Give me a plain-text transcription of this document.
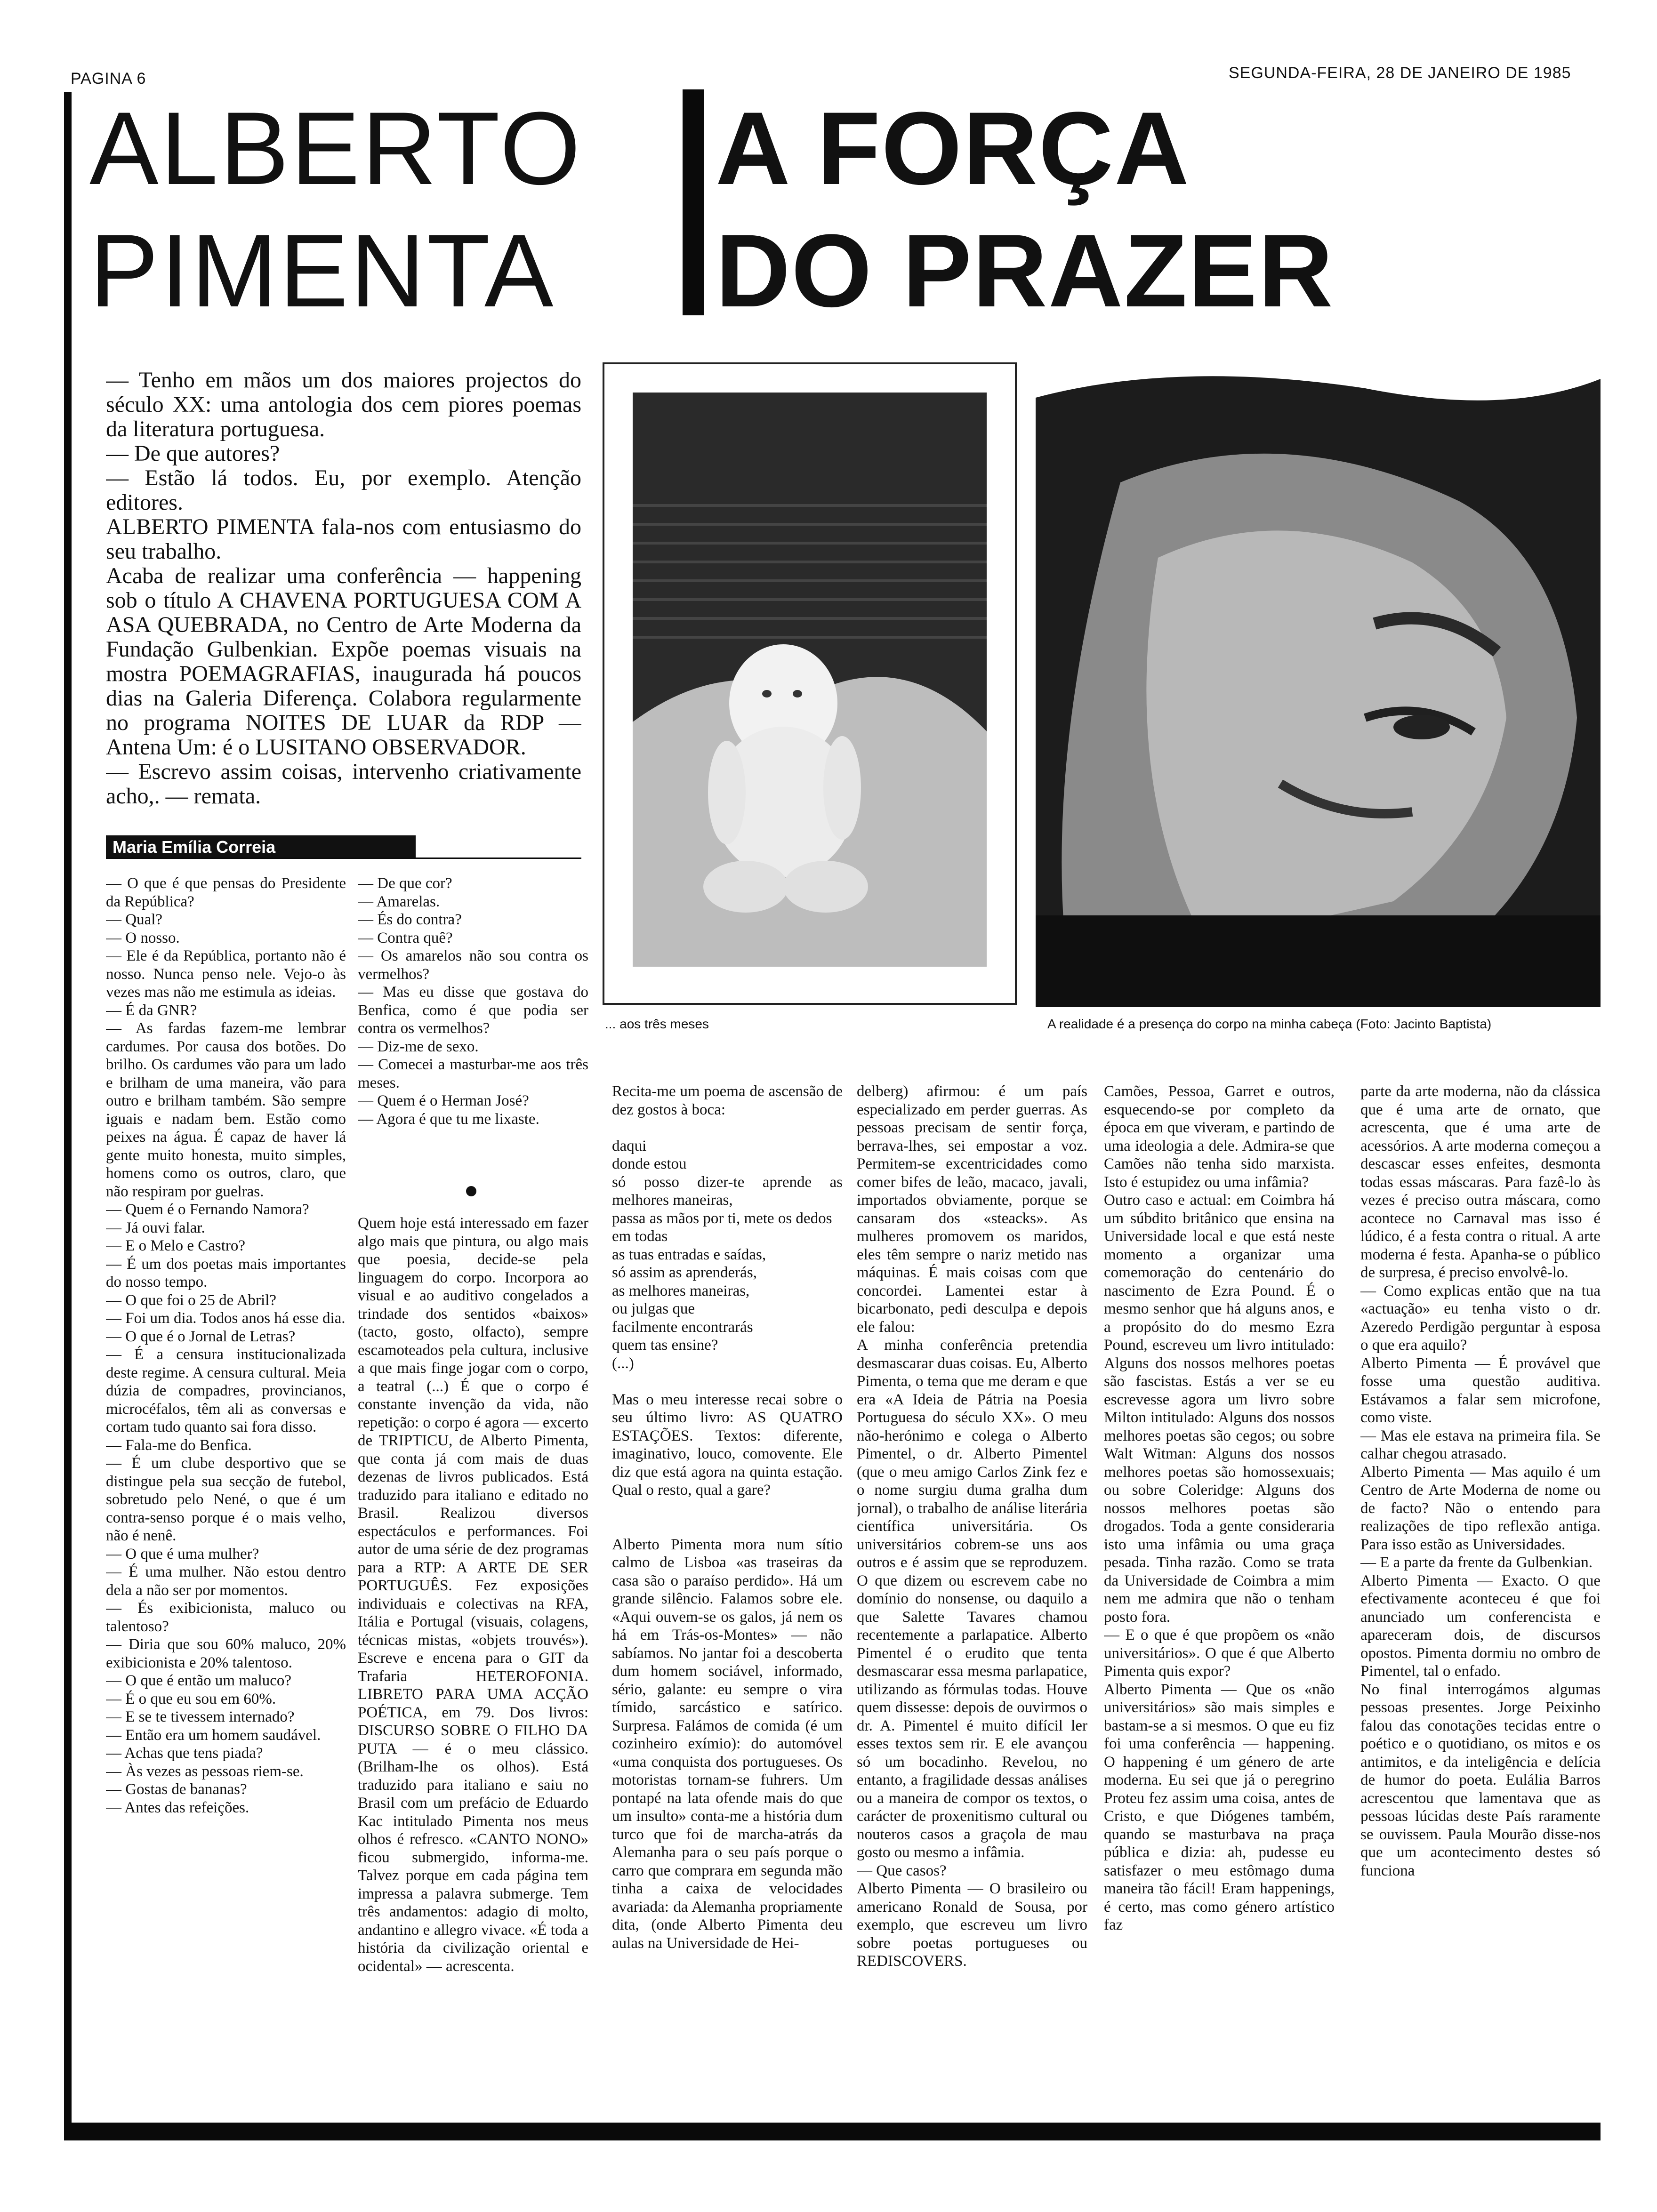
PAGINA 6	SEGUNDA-FEIRA, 28 DE JANEIRO DE 1985
ALBERTO
PIMENTA
A FORÇA
DO PRAZER

— Tenho em mãos um dos maiores projectos do século XX: uma antologia dos cem piores poemas da literatura portuguesa.

— De que autores?

— Estão lá todos. Eu, por exemplo. Atenção editores.

ALBERTO PIMENTA fala-nos com entusiasmo do seu trabalho.

Acaba de realizar uma conferência — happening sob o título A CHAVENA PORTUGUESA COM A ASA QUEBRADA, no Centro de Arte Moderna da Fundação Gulbenkian. Expõe poemas visuais na mostra POEMAGRAFIAS, inaugurada há poucos dias na Galeria Diferença. Colabora regularmente no programa NOITES DE LUAR da RDP — Antena Um: é o LUSITANO OBSERVADOR.

— Escrevo assim coisas, intervenho criativamente acho,. — remata.

Maria Emília Correia
... aos três meses	A realidade é a presença do corpo na minha cabeça (Foto: Jacinto Baptista)
— O que é que pensas do Presidente da República?
— Qual?
— O nosso.
— Ele é da República, portanto não é nosso. Nunca penso nele. Vejo-o às vezes mas não me estimula as ideias.
— É da GNR?
— As fardas fazem-me lembrar cardumes. Por causa dos botões. Do brilho. Os cardumes vão para um lado e brilham de uma maneira, vão para outro e brilham também. São sempre iguais e nadam bem. Estão como peixes na água. É capaz de haver lá gente muito honesta, muito simples, homens como os outros, claro, que não respiram por guelras.
— Quem é o Fernando Namora?
— Já ouvi falar.
— E o Melo e Castro?
— É um dos poetas mais importantes do nosso tempo.
— O que foi o 25 de Abril?
— Foi um dia. Todos anos há esse dia.
— O que é o Jornal de Letras?
— É a censura institucionalizada deste regime. A censura cultural. Meia dúzia de compadres, provincianos, microcéfalos, têm ali as conversas e cortam tudo quanto sai fora disso.
— Fala-me do Benfica.
— É um clube desportivo que se distingue pela sua secção de futebol, sobretudo pelo Nené, o que é um contra-senso porque é o mais velho, não é nenê.
— O que é uma mulher?
— É uma mulher. Não estou dentro dela a não ser por momentos.
— És exibicionista, maluco ou talentoso?
— Diria que sou 60% maluco, 20% exibicionista e 20% talentoso.
— O que é então um maluco?
— É o que eu sou em 60%.
— E se te tivessem internado?
— Então era um homem saudável.
— Achas que tens piada?
— Às vezes as pessoas riem-se.
— Gostas de bananas?
— Antes das refeições.
— De que cor?
— Amarelas.
— És do contra?
— Contra quê?
— Os amarelos não sou contra os vermelhos?
— Mas eu disse que gostava do Benfica, como é que podia ser contra os vermelhos?
— Diz-me de sexo.
— Comecei a masturbar-me aos três meses.
— Quem é o Herman José?
— Agora é que tu me lixaste.
Quem hoje está interessado em fazer algo mais que pintura, ou algo mais que poesia, decide-se pela linguagem do corpo. Incorpora ao visual e ao auditivo congelados a trindade dos sentidos «baixos» (tacto, gosto, olfacto), sempre escamoteados pela cultura, inclusive a que mais finge jogar com o corpo, a teatral (...) É que o corpo é constante invenção da vida, não repetição: o corpo é agora — excerto de TRIPTICU, de Alberto Pimenta, que conta já com mais de duas dezenas de livros publicados. Está traduzido para italiano e editado no Brasil. Realizou diversos espectáculos e performances. Foi autor de uma série de dez programas para a RTP: A ARTE DE SER PORTUGUÊS. Fez exposições individuais e colectivas na RFA, Itália e Portugal (visuais, colagens, técnicas mistas, «objets trouvés»). Escreve e encena para o GIT da Trafaria HETEROFONIA. LIBRETO PARA UMA ACÇÃO POÉTICA, em 79. Dos livros: DISCURSO SOBRE O FILHO DA PUTA — é o meu clássico. (Brilham-lhe os olhos). Está traduzido para italiano e saiu no Brasil com um prefácio de Eduardo Kac intitulado Pimenta nos meus olhos é refresco. «CANTO NONO» ficou submergido, informa-me. Talvez porque em cada página tem impressa a palavra submerge. Tem três andamentos: adagio di molto, andantino e allegro vivace. «É toda a história da civilização oriental e ocidental» — acrescenta.
Recita-me um poema de ascensão de dez gostos à boca:

daqui
donde estou
só posso dizer-te aprende as melhores maneiras,
passa as mãos por ti, mete os dedos
em todas
as tuas entradas e saídas,
só assim as aprenderás,
as melhores maneiras,
ou julgas que
facilmente encontrarás
quem tas ensine?
(...)

Mas o meu interesse recai sobre o seu último livro: AS QUATRO ESTAÇÕES. Textos: diferente, imaginativo, louco, comovente. Ele diz que está agora na quinta estação. Qual o resto, qual a gare?

Alberto Pimenta mora num sítio calmo de Lisboa «as traseiras da casa são o paraíso perdido». Há um grande silêncio. Falamos sobre ele. «Aqui ouvem-se os galos, já nem os há em Trás-os-Montes» — não sabíamos. No jantar foi a descoberta dum homem sociável, informado, sério, galante: eu sempre o vira tímido, sarcástico e satírico. Surpresa. Falámos de comida (é um cozinheiro exímio): do automóvel «uma conquista dos portugueses. Os motoristas tornam-se fuhrers. Um pontapé na lata ofende mais do que um insulto» conta-me a história dum turco que foi de marcha-atrás da Alemanha para o seu país porque o carro que comprara em segunda mão tinha a caixa de velocidades avariada: da Alemanha propriamente dita, (onde Alberto Pimenta deu aulas na Universidade de Hei-
delberg) afirmou: é um país especializado em perder guerras. As pessoas precisam de sentir força, berrava-lhes, sei empostar a voz. Permitem-se excentricidades como comer bifes de leão, macaco, javali, importados obviamente, porque se cansaram dos «steacks». As mulheres promovem os maridos, eles têm sempre o nariz metido nas máquinas. É mais coisas com que concordei. Lamentei estar à bicarbonato, pedi desculpa e depois ele falou:
A minha conferência pretendia desmascarar duas coisas. Eu, Alberto Pimenta, o tema que me deram e que era «A Ideia de Pátria na Poesia Portuguesa do século XX». O meu não-herónimo e colega o Alberto Pimentel, o dr. Alberto Pimentel (que o meu amigo Carlos Zink fez e o nome surgiu duma gralha dum jornal), o trabalho de análise literária científica universitária. Os universitários cobrem-se uns aos outros e é assim que se reproduzem. O que dizem ou escrevem cabe no domínio do nonsense, ou daquilo a que Salette Tavares chamou recentemente a parlapatice. Alberto Pimentel é o erudito que tenta desmascarar essa mesma parlapatice, utilizando as fórmulas todas. Houve quem dissesse: depois de ouvirmos o dr. A. Pimentel é muito difícil ler esses textos sem rir. E ele avançou só um bocadinho. Revelou, no entanto, a fragilidade dessas análises ou a maneira de compor os textos, o carácter de proxenitismo cultural ou nouteros casos a graçola de mau gosto ou mesmo a infâmia.
— Que casos?
Alberto Pimenta — O brasileiro ou americano Ronald de Sousa, por exemplo, que escreveu um livro sobre poetas portugueses ou REDISCOVERS.
Camões, Pessoa, Garret e outros, esquecendo-se por completo da época em que viveram, e partindo de uma ideologia a dele. Admira-se que Camões não tenha sido marxista. Isto é estupidez ou uma infâmia?
Outro caso e actual: em Coimbra há um súbdito britânico que ensina na Universidade local e que está neste momento a organizar uma comemoração do centenário do nascimento de Ezra Pound. É o mesmo senhor que há alguns anos, e a propósito do do mesmo Ezra Pound, escreveu um livro intitulado: Alguns dos nossos melhores poetas são fascistas. Estás a ver se eu escrevesse agora um livro sobre Milton intitulado: Alguns dos nossos melhores poetas são cegos; ou sobre Walt Witman: Alguns dos nossos melhores poetas são homossexuais; ou sobre Coleridge: Alguns dos nossos melhores poetas são drogados. Toda a gente consideraria isto uma infâmia ou uma graça pesada. Tinha razão. Como se trata da Universidade de Coimbra a mim nem me admira que não o tenham posto fora.
— E o que é que propõem os «não universitários». O que é que Alberto Pimenta quis expor?
Alberto Pimenta — Que os «não universitários» são mais simples e bastam-se a si mesmos. O que eu fiz foi uma conferência — happening. O happening é um género de arte moderna. Eu sei que já o peregrino Proteu fez assim uma coisa, antes de Cristo, e que Diógenes também, quando se masturbava na praça pública e dizia: ah, pudesse eu satisfazer o meu estômago duma maneira tão fácil! Eram happenings, é certo, mas como género artístico faz
parte da arte moderna, não da clássica que é uma arte de ornato, que acrescenta, que é uma arte de acessórios. A arte moderna começou a descascar esses enfeites, desmonta todas essas máscaras. Para fazê-lo às vezes é preciso outra máscara, como acontece no Carnaval mas isso é lúdico, é a festa contra o ritual. A arte moderna é festa. Apanha-se o público de surpresa, é preciso envolvê-lo.
— Como explicas então que na tua «actuação» eu tenha visto o dr. Azeredo Perdigão perguntar à esposa o que era aquilo?
Alberto Pimenta — É provável que fosse uma questão auditiva. Estávamos a falar sem microfone, como viste.
— Mas ele estava na primeira fila. Se calhar chegou atrasado.
Alberto Pimenta — Mas aquilo é um Centro de Arte Moderna de nome ou de facto? Não o entendo para realizações de tipo reflexão antiga. Para isso estão as Universidades.
— E a parte da frente da Gulbenkian.
Alberto Pimenta — Exacto. O que efectivamente aconteceu é que foi anunciado um conferencista e apareceram dois, de discursos opostos. Pimenta dormiu no ombro de Pimentel, tal o enfado.
No final interrogámos algumas pessoas presentes. Jorge Peixinho falou das conotações tecidas entre o poético e o quotidiano, os mitos e os antimitos, e da inteligência e delícia de humor do poeta. Eulália Barros acrescentou que lamentava que as pessoas lúcidas deste País raramente se ouvissem. Paula Mourão disse-nos que um acontecimento destes só funciona
